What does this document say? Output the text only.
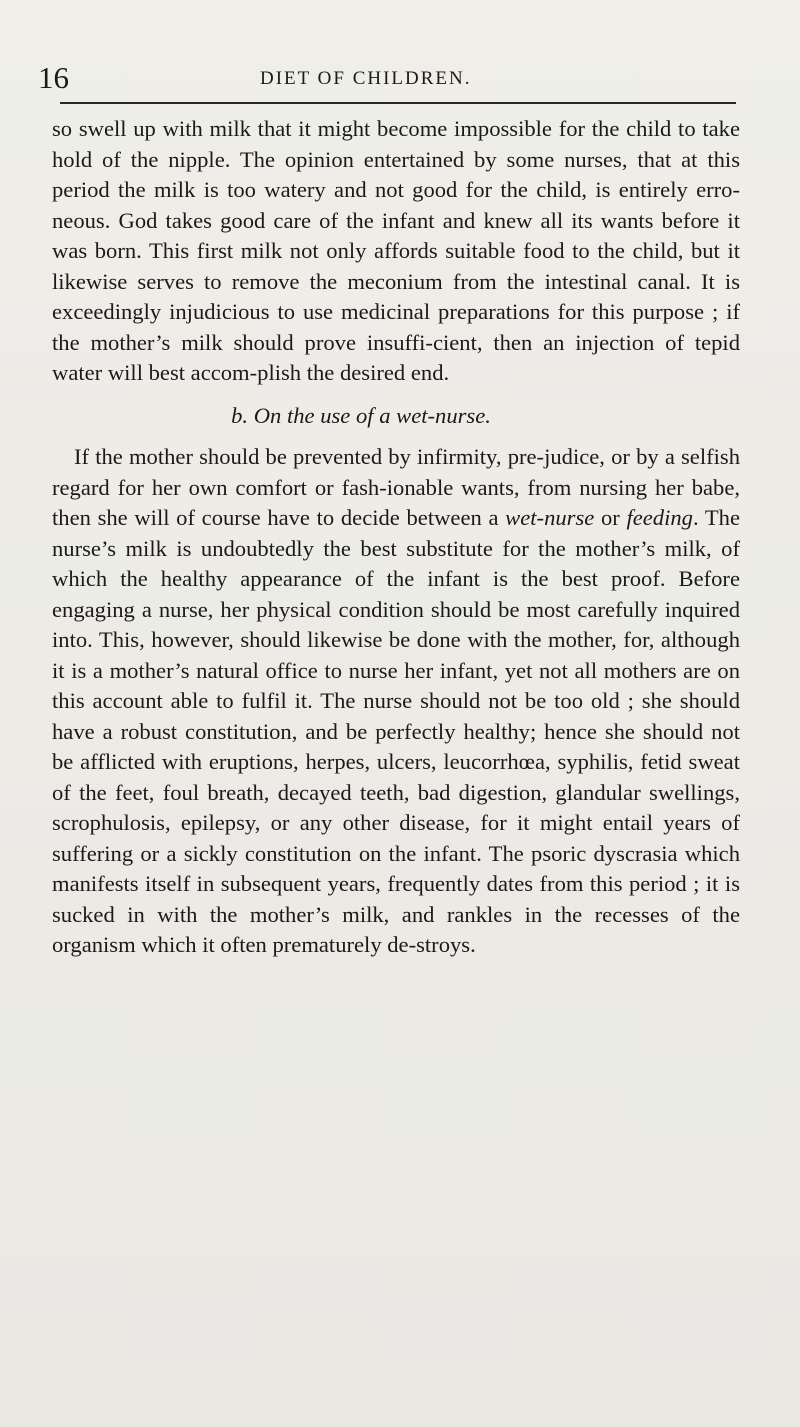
16	DIET OF CHILDREN.

so swell up with milk that it might become impossible for the child to take hold of the nipple. The opinion entertained by some nurses, that at this period the milk is too watery and not good for the child, is entirely erro-neous. God takes good care of the infant and knew all its wants before it was born. This first milk not only affords suitable food to the child, but it likewise serves to remove the meconium from the intestinal canal. It is exceedingly injudicious to use medicinal preparations for this purpose ; if the mother’s milk should prove insuffi-cient, then an injection of tepid water will best accom-plish the desired end.

b. On the use of a wet-nurse.

If the mother should be prevented by infirmity, pre-judice, or by a selfish regard for her own comfort or fash-ionable wants, from nursing her babe, then she will of course have to decide between a wet-nurse or feeding. The nurse’s milk is undoubtedly the best substitute for the mother’s milk, of which the healthy appearance of the infant is the best proof. Before engaging a nurse, her physical condition should be most carefully inquired into. This, however, should likewise be done with the mother, for, although it is a mother’s natural office to nurse her infant, yet not all mothers are on this account able to fulfil it. The nurse should not be too old ; she should have a robust constitution, and be perfectly healthy; hence she should not be afflicted with eruptions, herpes, ulcers, leucorrhœa, syphilis, fetid sweat of the feet, foul breath, decayed teeth, bad digestion, glandular swellings, scrophulosis, epilepsy, or any other disease, for it might entail years of suffering or a sickly constitution on the infant. The psoric dyscrasia which manifests itself in subsequent years, frequently dates from this period ; it is sucked in with the mother’s milk, and rankles in the recesses of the organism which it often prematurely de-stroys.
